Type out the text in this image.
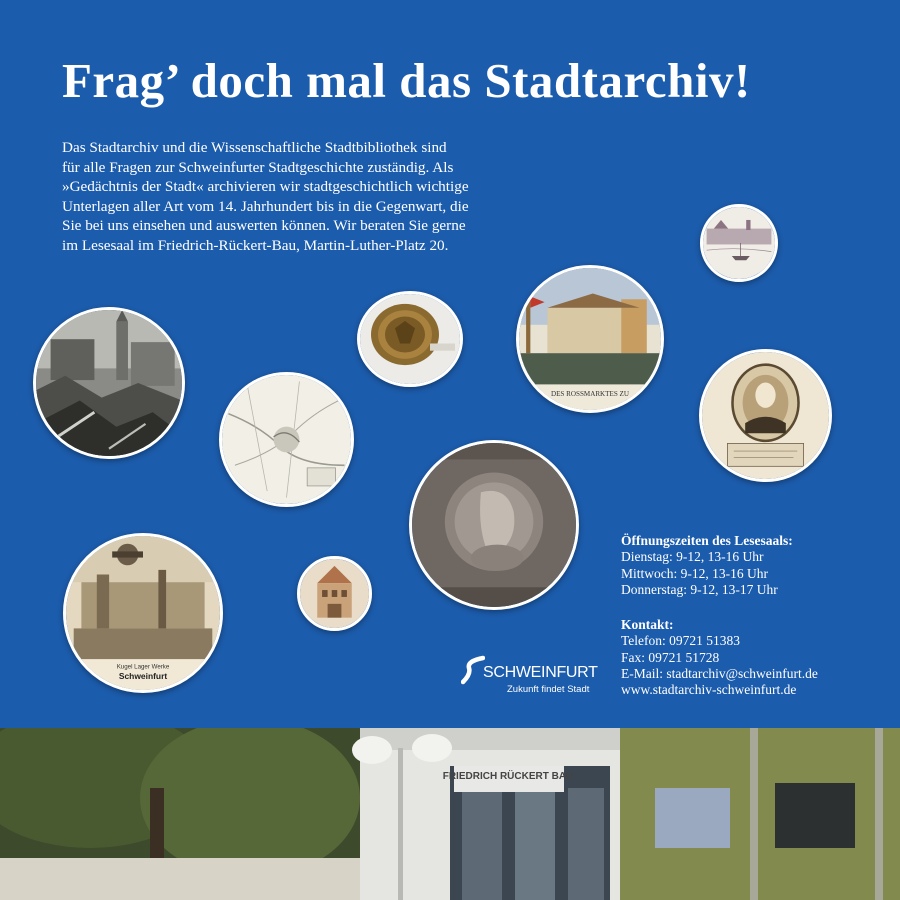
Frag’ doch mal das Stadtarchiv!
Das Stadtarchiv und die Wissenschaftliche Stadtbibliothek sind
für alle Fragen zur Schweinfurter Stadtgeschichte zuständig. Als
»Gedächtnis der Stadt« archivieren wir stadtgeschichtlich wichtige
Unterlagen aller Art vom 14. Jahrhundert bis in die Gegenwart, die
Sie bei uns einsehen und auswerten können. Wir beraten Sie gerne
im Lesesaal im Friedrich-Rückert-Bau, Martin-Luther-Platz 20.
DES ROSSMARKTES ZU
Kugel Lager Werke
Schweinfurt
Öffnungszeiten des Lesesaals:
Dienstag: 9-12, 13-16 Uhr
Mittwoch: 9-12, 13-16 Uhr
Donnerstag: 9-12, 13-17 Uhr
Kontakt:
Telefon: 09721 51383
Fax: 09721 51728
E-Mail: stadtarchiv@schweinfurt.de
www.stadtarchiv-schweinfurt.de
SCHWEINFURT
Zukunft findet Stadt
FRIEDRICH RÜCKERT BAU
